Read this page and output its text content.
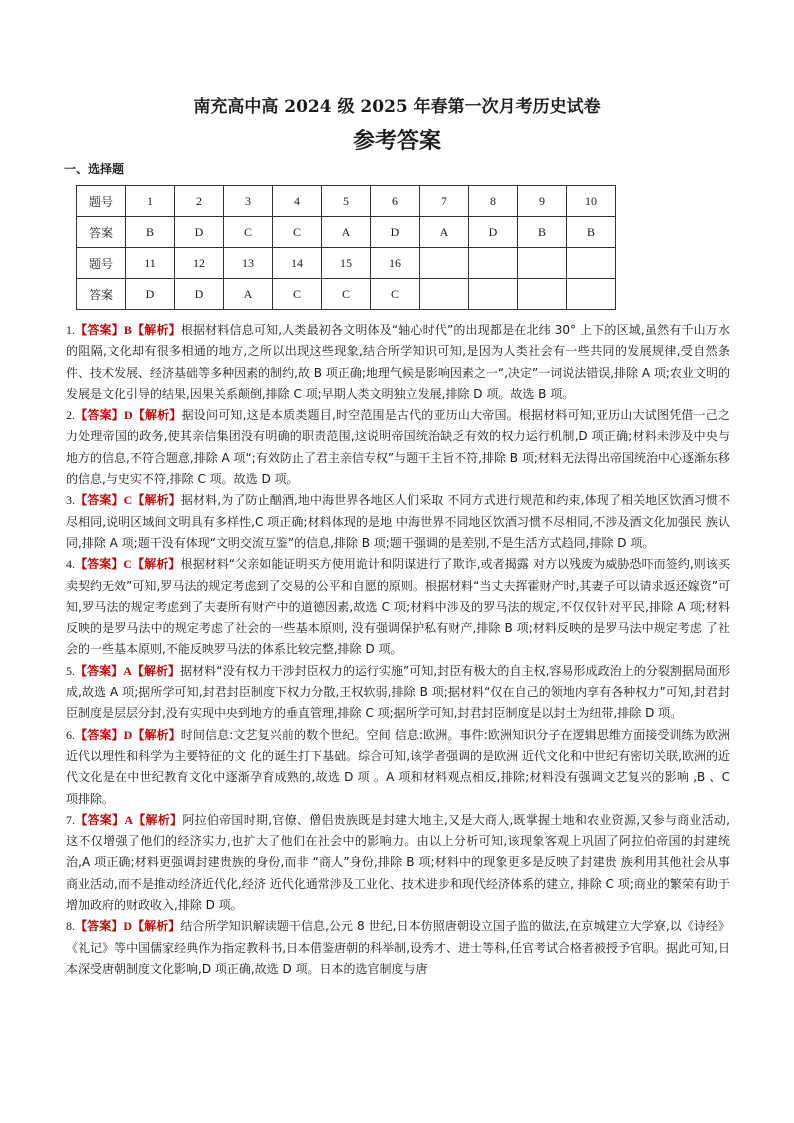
南充高中高 2024 级 2025 年春第一次月考历史试卷
参考答案
一、选择题
题号	1	2	3	4	5	6	7	8	9	10
答案	B	D	C	C	A	D	A	D	B	B
题号	11	12	13	14	15	16				
答案	D	D	A	C	C	C				

1.【答案】B【解析】根据材料信息可知,人类最初各文明体及“轴心时代”的出现都是在北纬 30° 上下的区域,虽然有千山万水的阻隔,文化却有很多相通的地方,之所以出现这些现象,结合所学知识可知,是因为人类社会有一些共同的发展规律,受自然条件、技术发展、经济基础等多种因素的制约,故 B 项正确;地理气候是影响因素之一“,决定”一词说法错误,排除 A 项;农业文明的发展是文化引导的结果,因果关系颠倒,排除 C 项;早期人类文明独立发展,排除 D 项。故选 B 项。

2.【答案】D【解析】据设问可知,这是本质类题目,时空范围是古代的亚历山大帝国。根据材料可知,亚历山大试图凭借一己之力处理帝国的政务,使其亲信集团没有明确的职责范围,这说明帝国统治缺乏有效的权力运行机制,D 项正确;材料未涉及中央与地方的信息,不符合题意,排除 A 项“;有效防止了君主亲信专权”与题干主旨不符,排除 B 项;材料无法得出帝国统治中心逐渐东移的信息,与史实不符,排除 C 项。故选 D 项。

3.【答案】C【解析】据材料,为了防止酗酒,地中海世界各地区人们采取 不同方式进行规范和约束,体现了相关地区饮酒习惯不尽相同,说明区域间文明具有多样性,C 项正确;材料体现的是地 中海世界不同地区饮酒习惯不尽相同,不涉及酒文化加强民 族认同,排除 A 项;题干没有体现“文明交流互鉴”的信息,排除 B 项;题干强调的是差别,不是生活方式趋同,排除 D 项。

4.【答案】C【解析】根据材料“父亲如能证明买方使用诡计和阴谋进行了欺诈,或者揭露 对方以残废为威胁恐吓而签约,则该买卖契约无效”可知,罗马法的规定考虑到了交易的公平和自愿的原则。根据材料“当丈夫挥霍财产时,其妻子可以请求返还嫁资”可知,罗马法的规定考虑到了夫妻所有财产中的道德因素,故选 C 项;材料中涉及的罗马法的规定,不仅仅针对平民,排除 A 项;材料反映的是罗马法中的规定考虑了社会的一些基本原则, 没有强调保护私有财产,排除 B 项;材料反映的是罗马法中规定考虑 了社会的一些基本原则,不能反映罗马法的体系比较完整,排除 D 项。

5.【答案】A【解析】据材料“没有权力干涉封臣权力的运行实施”可知,封臣有极大的自主权,容易形成政治上的分裂割据局面形成,故选 A 项;据所学可知,封君封臣制度下权力分散,王权软弱,排除 B 项;据材料“仅在自己的领地内享有各种权力”可知,封君封臣制度是层层分封,没有实现中央到地方的垂直管理,排除 C 项;据所学可知,封君封臣制度是以封土为纽带,排除 D 项。

6.【答案】D【解析】时间信息:文艺复兴前的数个世纪。空间 信息:欧洲。事件:欧洲知识分子在逻辑思维方面接受训练为欧洲近代以理性和科学为主要特征的文 化的诞生打下基础。综合可知,该学者强调的是欧洲 近代文化和中世纪有密切关联,欧洲的近代文化是在中世纪教育文化中逐渐孕育成熟的,故选 D 项 。A 项和材料观点相反,排除;材料没有强调文艺复兴的影响 ,B 、C 项排除。

7.【答案】A【解析】阿拉伯帝国时期,官僚、僧侣贵族既是封建大地主,又是大商人,既掌握土地和农业资源,又参与商业活动, 这不仅增强了他们的经济实力,也扩大了他们在社会中的影响力。由以上分析可知,该现象客观上巩固了阿拉伯帝国的封建统治,A 项正确;材料更强调封建贵族的身份,而非 “商人”身份,排除 B 项;材料中的现象更多是反映了封建贵 族利用其他社会从事商业活动,而不是推动经济近代化,经济 近代化通常涉及工业化、技术进步和现代经济体系的建立, 排除 C 项;商业的繁荣有助于增加政府的财政收入,排除 D 项。

8.【答案】D【解析】结合所学知识解读题干信息,公元 8 世纪,日本仿照唐朝设立国子监的做法,在京城建立大学寮,以《诗经》《礼记》等中国儒家经典作为指定教科书,日本借鉴唐朝的科举制,设秀才、进士等科,任官考试合格者被授予官职。据此可知,日本深受唐朝制度文化影响,D 项正确,故选 D 项。日本的选官制度与唐
